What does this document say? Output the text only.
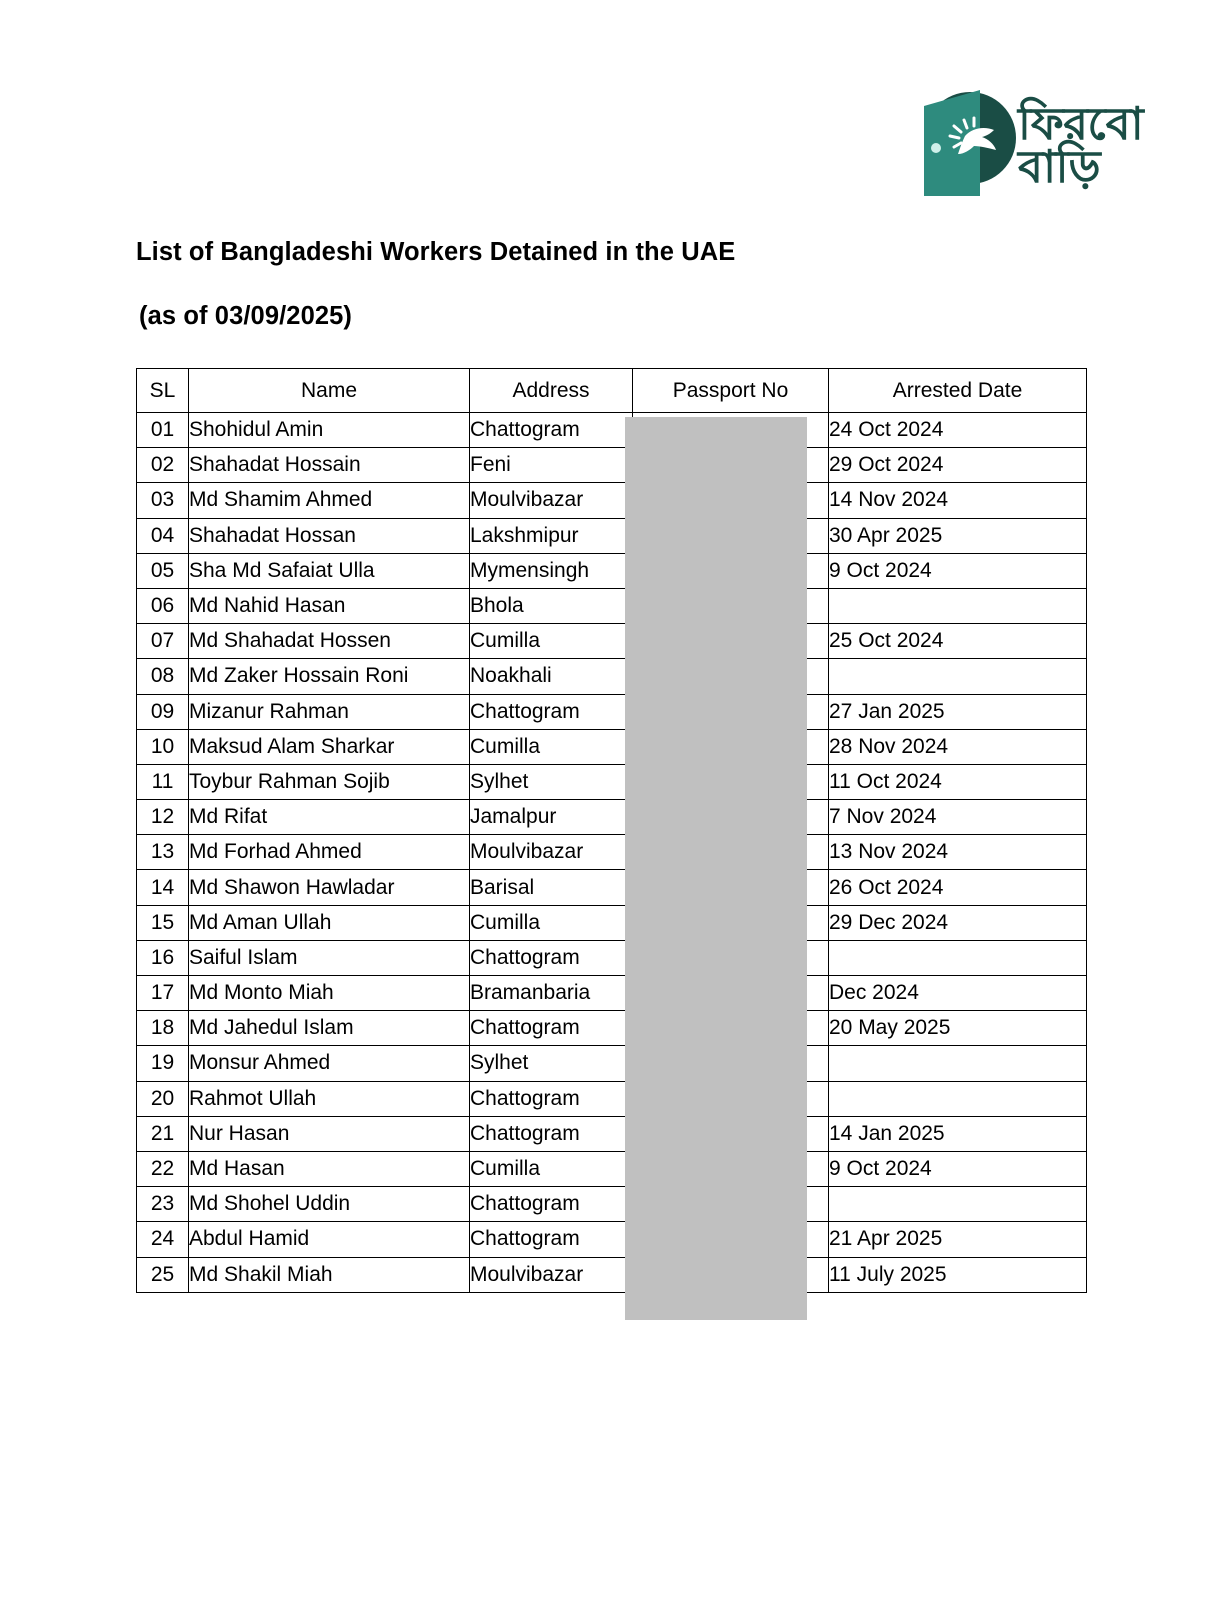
ফিরবো
বাড়ি
List of Bangladeshi Workers Detained in the UAE
(as of 03/09/2025)
SL	Name	Address	Passport No	Arrested Date
01	Shohidul Amin	Chattogram		24 Oct 2024
02	Shahadat Hossain	Feni		29 Oct 2024
03	Md Shamim Ahmed	Moulvibazar		14 Nov 2024
04	Shahadat Hossan	Lakshmipur		30 Apr 2025
05	Sha Md Safaiat Ulla	Mymensingh		9 Oct 2024
06	Md Nahid Hasan	Bhola		
07	Md Shahadat Hossen	Cumilla		25 Oct 2024
08	Md Zaker Hossain Roni	Noakhali		
09	Mizanur Rahman	Chattogram		27 Jan 2025
10	Maksud Alam Sharkar	Cumilla		28 Nov 2024
11	Toybur Rahman Sojib	Sylhet		11 Oct 2024
12	Md Rifat	Jamalpur		7 Nov 2024
13	Md Forhad Ahmed	Moulvibazar		13 Nov 2024
14	Md Shawon Hawladar	Barisal		26 Oct 2024
15	Md Aman Ullah	Cumilla		29 Dec 2024
16	Saiful Islam	Chattogram		
17	Md Monto Miah	Bramanbaria		Dec 2024
18	Md Jahedul Islam	Chattogram		20 May 2025
19	Monsur Ahmed	Sylhet		
20	Rahmot Ullah	Chattogram		
21	Nur Hasan	Chattogram		14 Jan 2025
22	Md Hasan	Cumilla		9 Oct 2024
23	Md Shohel Uddin	Chattogram		
24	Abdul Hamid	Chattogram		21 Apr 2025
25	Md Shakil Miah	Moulvibazar		11 July 2025
